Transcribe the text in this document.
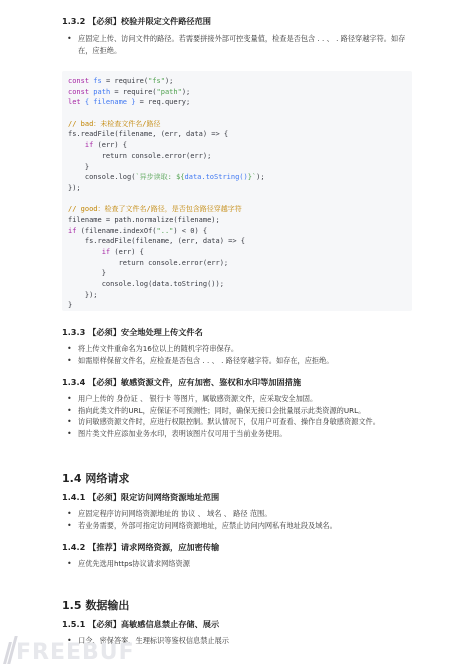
1.3.2 【必须】校验并限定文件路径范围
• 应固定上传、访问文件的路径。若需要拼接外部可控变量值，检查是否包含 . . 、 . 路径穿越字符。如存在，应拒绝。
const fs = require("fs");
const path = require("path");
let { filename } = req.query;

// bad：未检查文件名/路径
fs.readFile(filename, (err, data) => {
if (err) {
return console.error(err);
}
console.log(`异步读取: ${data.toString()}`);
});

// good：检查了文件名/路径，是否包含路径穿越字符
filename = path.normalize(filename);
if (filename.indexOf("..") < 0) {
fs.readFile(filename, (err, data) => {
if (err) {
return console.error(err);
}
console.log(data.toString());
});
}
1.3.3 【必须】安全地处理上传文件名
• 将上传文件重命名为16位以上的随机字符串保存。
• 如需原样保留文件名，应检查是否包含 . . 、 . 路径穿越字符。如存在，应拒绝。
1.3.4 【必须】敏感资源文件，应有加密、鉴权和水印等加固措施
• 用户上传的 身份证 、 银行卡 等图片，属敏感资源文件，应采取安全加固。
• 指向此类文件的URL，应保证不可预测性；同时，确保无接口会批量展示此类资源的URL。
• 访问敏感资源文件时，应进行权限控制。默认情况下，仅用户可查看、操作自身敏感资源文件。
• 图片类文件应添加业务水印，表明该图片仅可用于当前业务使用。
1.4 网络请求
1.4.1 【必须】限定访问网络资源地址范围
• 应固定程序访问网络资源地址的 协议 、 域名 、 路径 范围。
• 若业务需要，外部可指定访问网络资源地址，应禁止访问内网私有地址段及域名。
1.4.2 【推荐】请求网络资源，应加密传输
• 应优先选用https协议请求网络资源
1.5 数据输出
1.5.1 【必须】高敏感信息禁止存储、展示
• 口令、密保答案、生理标识等鉴权信息禁止展示
FREEBUF
